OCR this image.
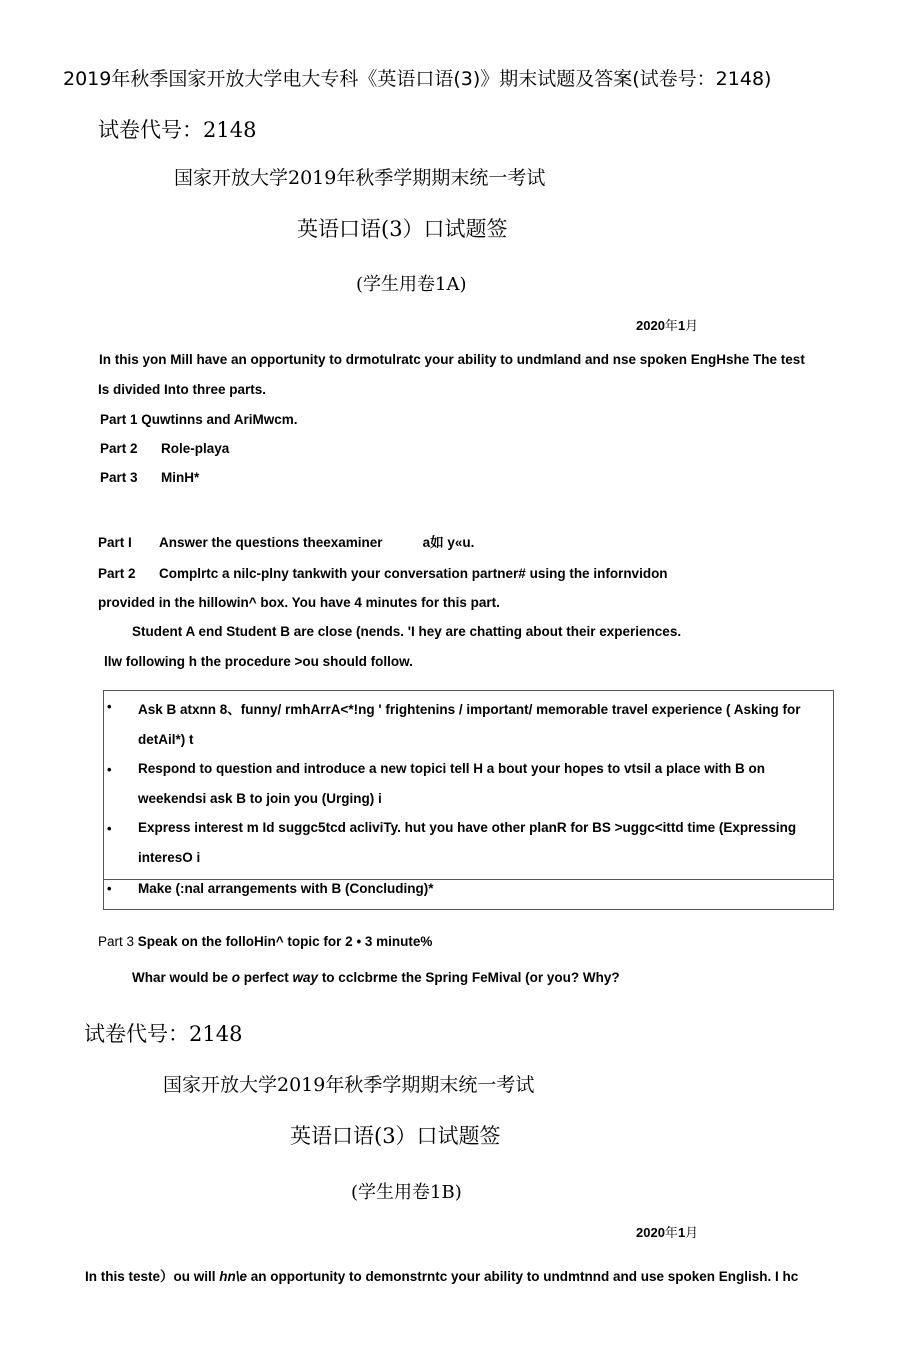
2019年秋季国家开放大学电大专科《英语口语(3)》期末试题及答案(试卷号：2148)
试卷代号：2148
国家开放大学2019年秋季学期期末统一考试
英语口语(3）口试题签
(学生用卷1A)
2020年1月
In this yon Mill have an opportunity to drmotulratc your ability to undmland and nse spoken EngHshe The test
Is divided Into three parts.
Part 1 Quwtinns and AriMwcm.
Part 2 Role-playa
Part 3 MinH*
Part I Answer the questions theexaminer	a如 y«u.
Part 2 Complrtc a nilc-plny tankwith your conversation partner# using the infornvidon
provided in the hillowin^ box. You have 4 minutes for this part.
Student A end Student B are close (nends. 'I hey are chatting about their experiences.
llw following h the procedure >ou should follow.
• Ask B atxnn 8、funny/ rmhArrA<*!ng ' frightenins / important/ memorable travel experience ( Asking for
detAil*) t
• Respond to question and introduce a new topici tell H a bout your hopes to vtsil a place with B on
weekendsi ask B to join you (Urging) i
• Express interest m Id suggc5tcd acliviTy. hut you have other planR for BS >uggc<ittd time (Expressing
interesO i
• Make (:nal arrangements with B (Concluding)*
Part 3 Speak on the folloHin^ topic for 2 • 3 minute%
Whar would be o perfect way to cclcbrme the Spring FeMival (or you? Why?
试卷代号：2148
国家开放大学2019年秋季学期期末统一考试
英语口语(3）口试题签
(学生用卷1B)
2020年1月
In this teste）ou will hn\e an opportunity to demonstrntc your ability to undmtnnd and use spoken English. I hc
